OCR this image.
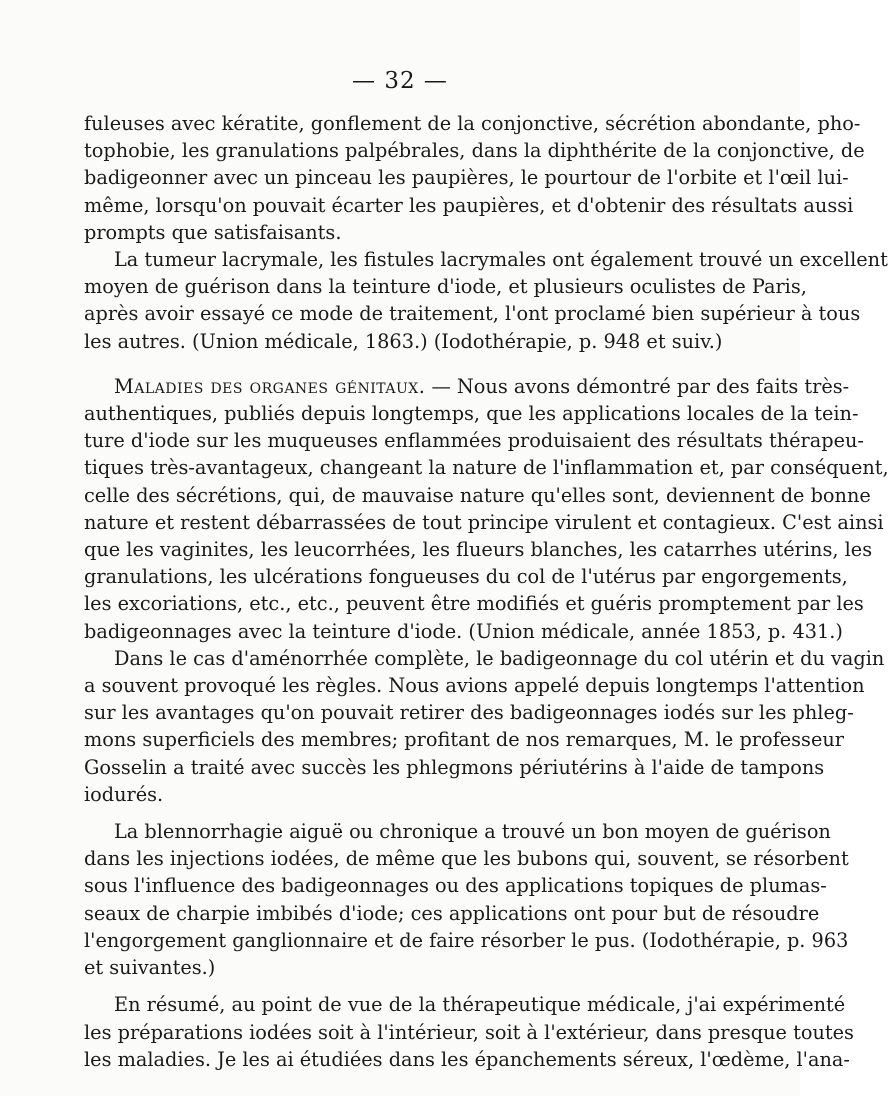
— 32 —
fuleuses avec kératite, gonflement de la conjonctive, sécrétion abondante, pho-
tophobie, les granulations palpébrales, dans la diphthérite de la conjonctive, de
badigeonner avec un pinceau les paupières, le pourtour de l'orbite et l'œil lui-
même, lorsqu'on pouvait écarter les paupières, et d'obtenir des résultats aussi
prompts que satisfaisants.
La tumeur lacrymale, les fistules lacrymales ont également trouvé un excellent
moyen de guérison dans la teinture d'iode, et plusieurs oculistes de Paris,
après avoir essayé ce mode de traitement, l'ont proclamé bien supérieur à tous
les autres. (Union médicale, 1863.) (Iodothérapie, p. 948 et suiv.)
Maladies des organes génitaux. — Nous avons démontré par des faits très-
authentiques, publiés depuis longtemps, que les applications locales de la tein-
ture d'iode sur les muqueuses enflammées produisaient des résultats thérapeu-
tiques très-avantageux, changeant la nature de l'inflammation et, par conséquent,
celle des sécrétions, qui, de mauvaise nature qu'elles sont, deviennent de bonne
nature et restent débarrassées de tout principe virulent et contagieux. C'est ainsi
que les vaginites, les leucorrhées, les flueurs blanches, les catarrhes utérins, les
granulations, les ulcérations fongueuses du col de l'utérus par engorgements,
les excoriations, etc., etc., peuvent être modifiés et guéris promptement par les
badigeonnages avec la teinture d'iode. (Union médicale, année 1853, p. 431.)
Dans le cas d'aménorrhée complète, le badigeonnage du col utérin et du vagin
a souvent provoqué les règles. Nous avions appelé depuis longtemps l'attention
sur les avantages qu'on pouvait retirer des badigeonnages iodés sur les phleg-
mons superficiels des membres; profitant de nos remarques, M. le professeur
Gosselin a traité avec succès les phlegmons périutérins à l'aide de tampons
iodurés.
La blennorrhagie aiguë ou chronique a trouvé un bon moyen de guérison
dans les injections iodées, de même que les bubons qui, souvent, se résorbent
sous l'influence des badigeonnages ou des applications topiques de plumas-
seaux de charpie imbibés d'iode; ces applications ont pour but de résoudre
l'engorgement ganglionnaire et de faire résorber le pus. (Iodothérapie, p. 963
et suivantes.)
En résumé, au point de vue de la thérapeutique médicale, j'ai expérimenté
les préparations iodées soit à l'intérieur, soit à l'extérieur, dans presque toutes
les maladies. Je les ai étudiées dans les épanchements séreux, l'œdème, l'ana-
